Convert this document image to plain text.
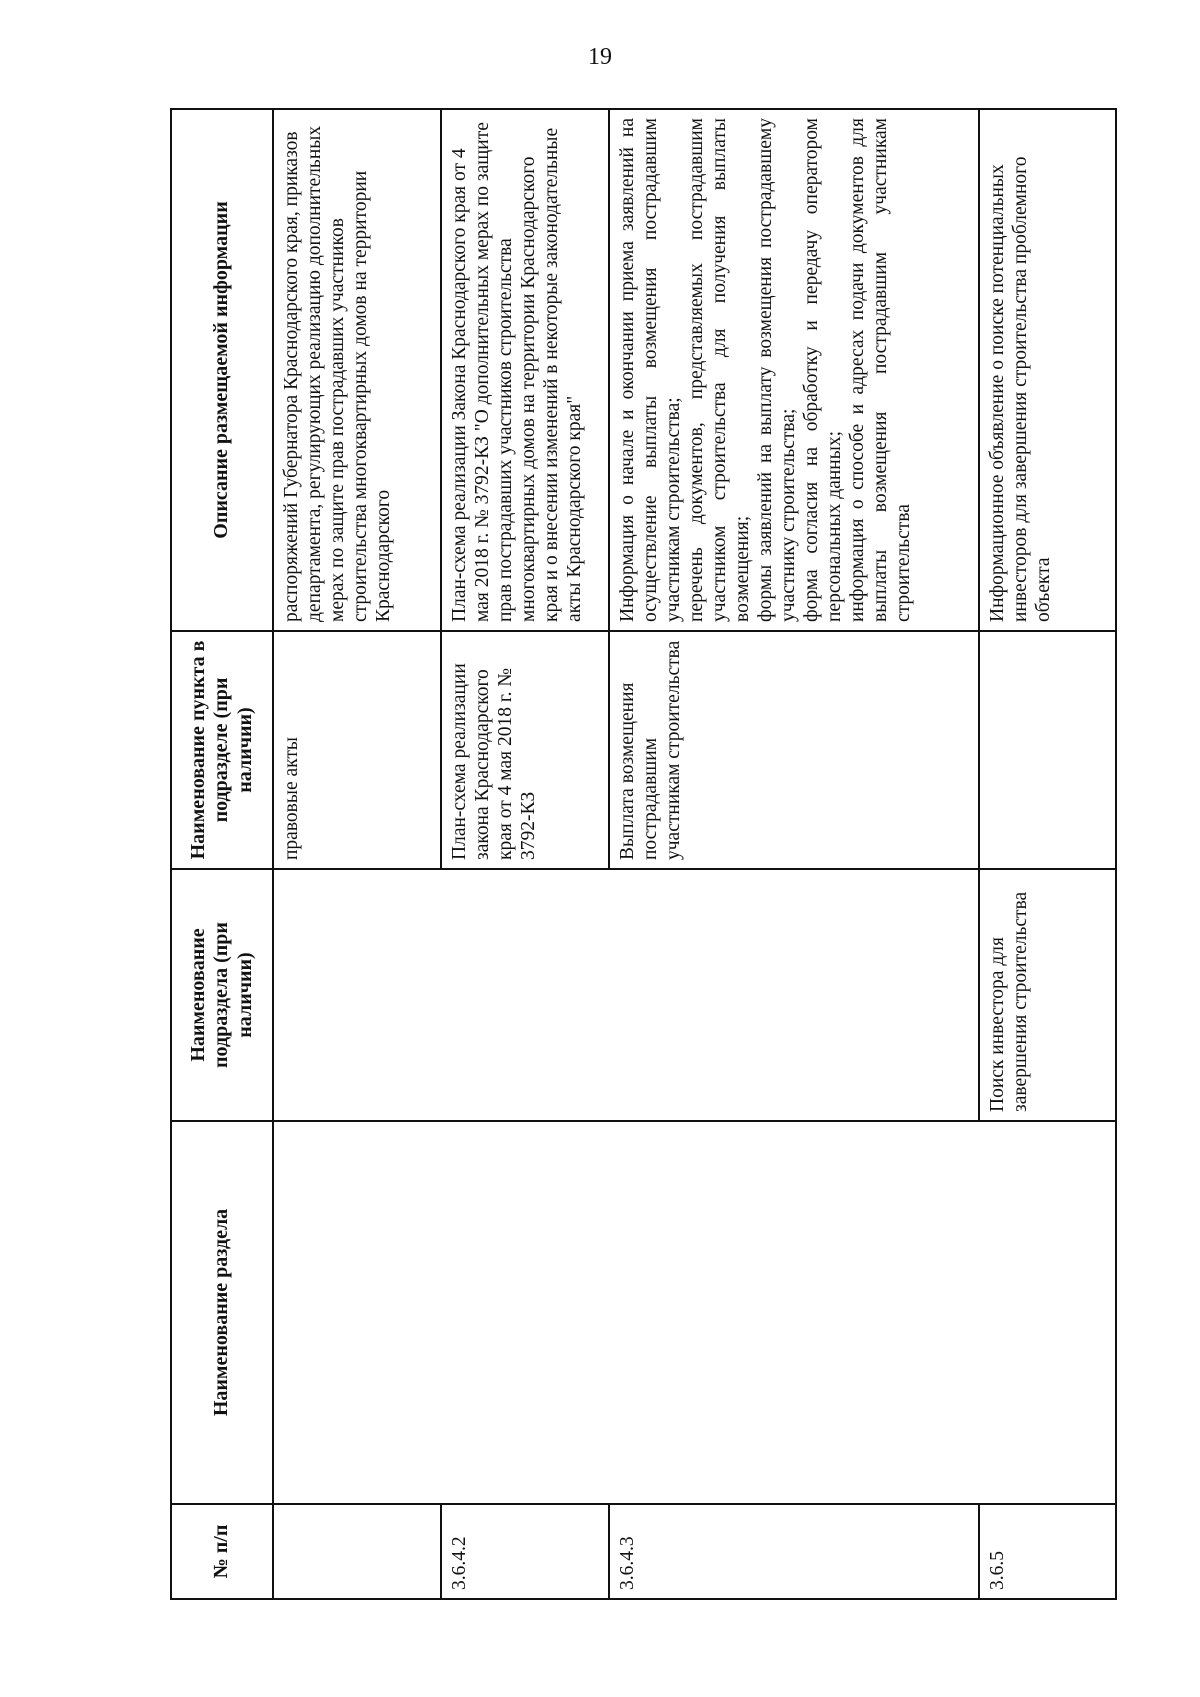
19
№ п/п	Наименование раздела	Наименование подраздела (при наличии)	Наименование пункта в подразделе (при наличии)	Описание размещаемой информации
			правовые акты	распоряжений Губернатора Краснодарского края, приказов департамента, регулирующих реализацию дополнительных мерах по защите прав пострадавших участников строительства многоквартирных домов на территории Краснодарского

3.6.4.2			План-схема реализации закона Краснодарского края от 4 мая 2018 г. № 3792-КЗ	План-схема реализации Закона Краснодарского края от 4 мая 2018 г. № 3792-КЗ "О дополнительных мерах по защите прав пострадавших участников строительства многоквартирных домов на территории Краснодарского края и о внесении изменений в некоторые законодательные акты Краснодарского края"

3.6.4.3			Выплата возмещения пострадавшим участникам строительства	Информация о начале и окончании приема заявлений на осуществление выплаты возмещения пострадавшим участникам строительства; перечень документов, представляемых пострадавшим участником строительства для получения выплаты возмещения; формы заявлений на выплату возмещения пострадавшему участнику строительства; форма согласия на обработку и передачу оператором персональных данных; информация о способе и адресах подачи документов для выплаты возмещения пострадавшим участникам строительства

3.6.5		Поиск инвестора для завершения строительства		Информационное объявление о поиске потенциальных инвесторов для завершения строительства проблемного объекта
